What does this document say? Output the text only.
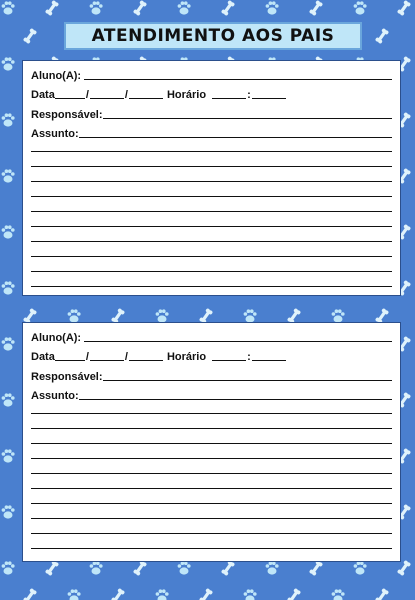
ATENDIMENTO AOS PAIS
Aluno(A):
Data	/	/	Horário	:
Responsável:
Assunto:
Aluno(A):
Data	/	/	Horário	:
Responsável:
Assunto:
